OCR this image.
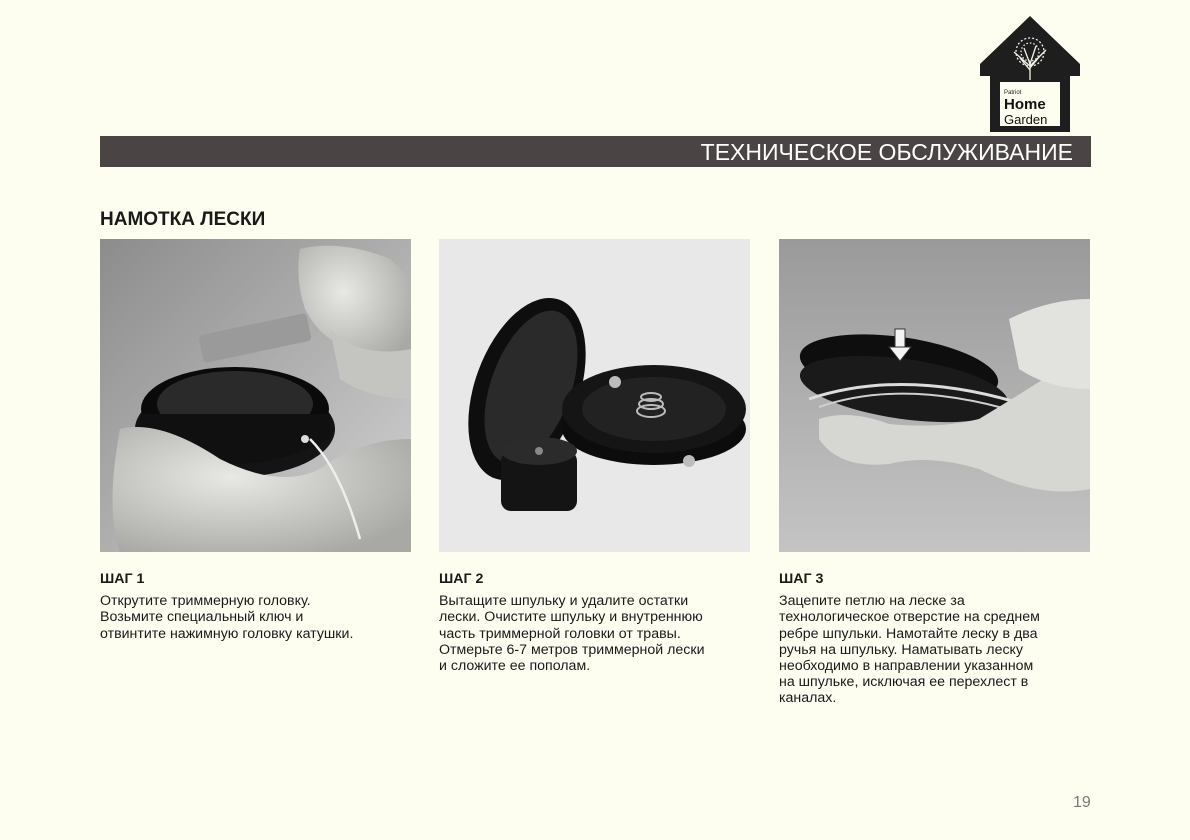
Patriot
Home
Garden
ТЕХНИЧЕСКОЕ ОБСЛУЖИВАНИЕ
НАМОТКА ЛЕСКИ
ШАГ 1

Открутите триммерную головку.
Возьмите специальный ключ и
отвинтите нажимную головку катушки.

ШАГ 2

Вытащите шпульку и удалите остатки
лески. Очистите шпульку и внутреннюю
часть триммерной головки от травы.
Отмерьте 6-7 метров триммерной лески
и сложите ее пополам.

ШАГ 3

Зацепите петлю на леске за
технологическое отверстие на среднем
ребре шпульки. Намотайте леску в два
ручья на шпульку. Наматывать леску
необходимо в направлении указанном
на шпульке, исключая ее перехлест в
каналах.

19
